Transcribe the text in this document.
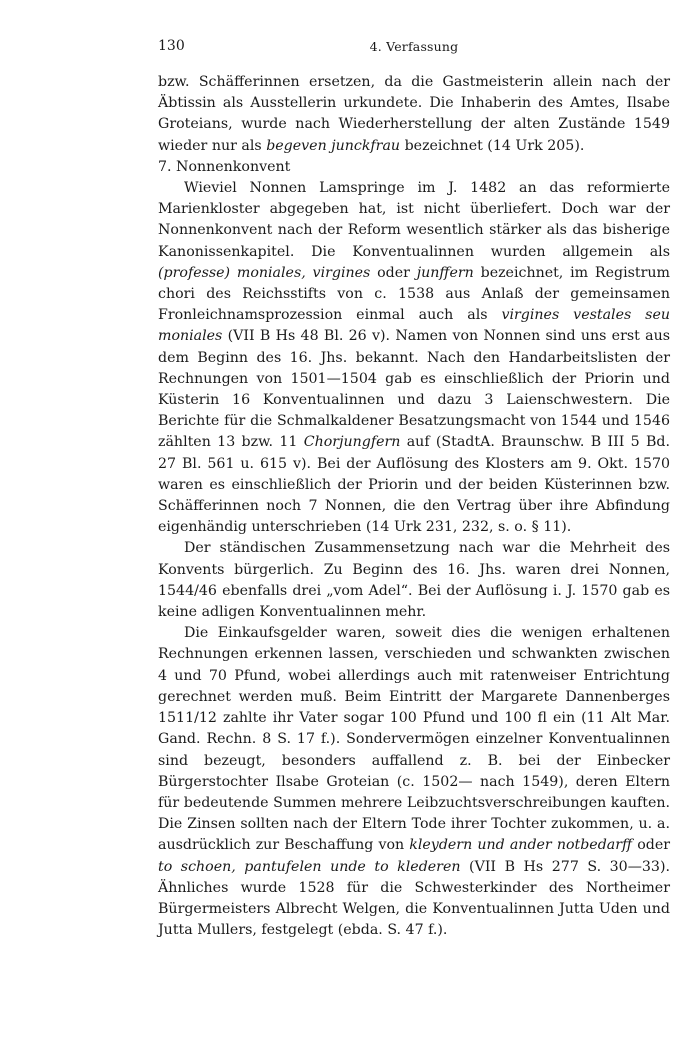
130	4. Verfassung

bzw. Schäfferinnen ersetzen, da die Gastmeisterin allein nach der Äbtissin als Ausstellerin urkundete. Die Inhaberin des Amtes, Ilsabe Groteians, wurde nach Wiederherstellung der alten Zustände 1549 wieder nur als begeven junckfrau bezeichnet (14 Urk 205).

7. Nonnenkonvent

Wieviel Nonnen Lamspringe im J. 1482 an das reformierte Marienkloster abgegeben hat, ist nicht überliefert. Doch war der Nonnenkonvent nach der Reform wesentlich stärker als das bisherige Kanonissenkapitel. Die Konventualinnen wurden allgemein als (professe) moniales, virgines oder junffern bezeichnet, im Registrum chori des Reichsstifts von c. 1538 aus Anlaß der gemeinsamen Fronleichnamsprozession einmal auch als virgines vestales seu moniales (VII B Hs 48 Bl. 26 v). Namen von Nonnen sind uns erst aus dem Beginn des 16. Jhs. bekannt. Nach den Handarbeitslisten der Rechnungen von 1501—1504 gab es einschließlich der Priorin und Küsterin 16 Konventualinnen und dazu 3 Laienschwestern. Die Berichte für die Schmalkaldener Besatzungsmacht von 1544 und 1546 zählten 13 bzw. 11 Chorjungfern auf (StadtA. Braunschw. B III 5 Bd. 27 Bl. 561 u. 615 v). Bei der Auflösung des Klosters am 9. Okt. 1570 waren es einschließlich der Priorin und der beiden Küsterinnen bzw. Schäfferinnen noch 7 Nonnen, die den Vertrag über ihre Abfindung eigenhändig unterschrieben (14 Urk 231, 232, s. o. § 11).

Der ständischen Zusammensetzung nach war die Mehrheit des Konvents bürgerlich. Zu Beginn des 16. Jhs. waren drei Nonnen, 1544/46 ebenfalls drei „vom Adel“. Bei der Auflösung i. J. 1570 gab es keine adligen Konventualinnen mehr.

Die Einkaufsgelder waren, soweit dies die wenigen erhaltenen Rechnungen erkennen lassen, verschieden und schwankten zwischen 4 und 70 Pfund, wobei allerdings auch mit ratenweiser Entrichtung gerechnet werden muß. Beim Eintritt der Margarete Dannenberges 1511/12 zahlte ihr Vater sogar 100 Pfund und 100 fl ein (11 Alt Mar. Gand. Rechn. 8 S. 17 f.). Sondervermögen einzelner Konventualinnen sind bezeugt, besonders auffallend z. B. bei der Einbecker Bürgerstochter Ilsabe Groteian (c. 1502— nach 1549), deren Eltern für bedeutende Summen mehrere Leibzuchtsverschreibungen kauften. Die Zinsen sollten nach der Eltern Tode ihrer Tochter zukommen, u. a. ausdrücklich zur Beschaffung von kleydern und ander notbedarff oder to schoen, pantufelen unde to klederen (VII B Hs 277 S. 30—33). Ähnliches wurde 1528 für die Schwesterkinder des Northeimer Bürgermeisters Albrecht Welgen, die Konventualinnen Jutta Uden und Jutta Mullers, festgelegt (ebda. S. 47 f.).
